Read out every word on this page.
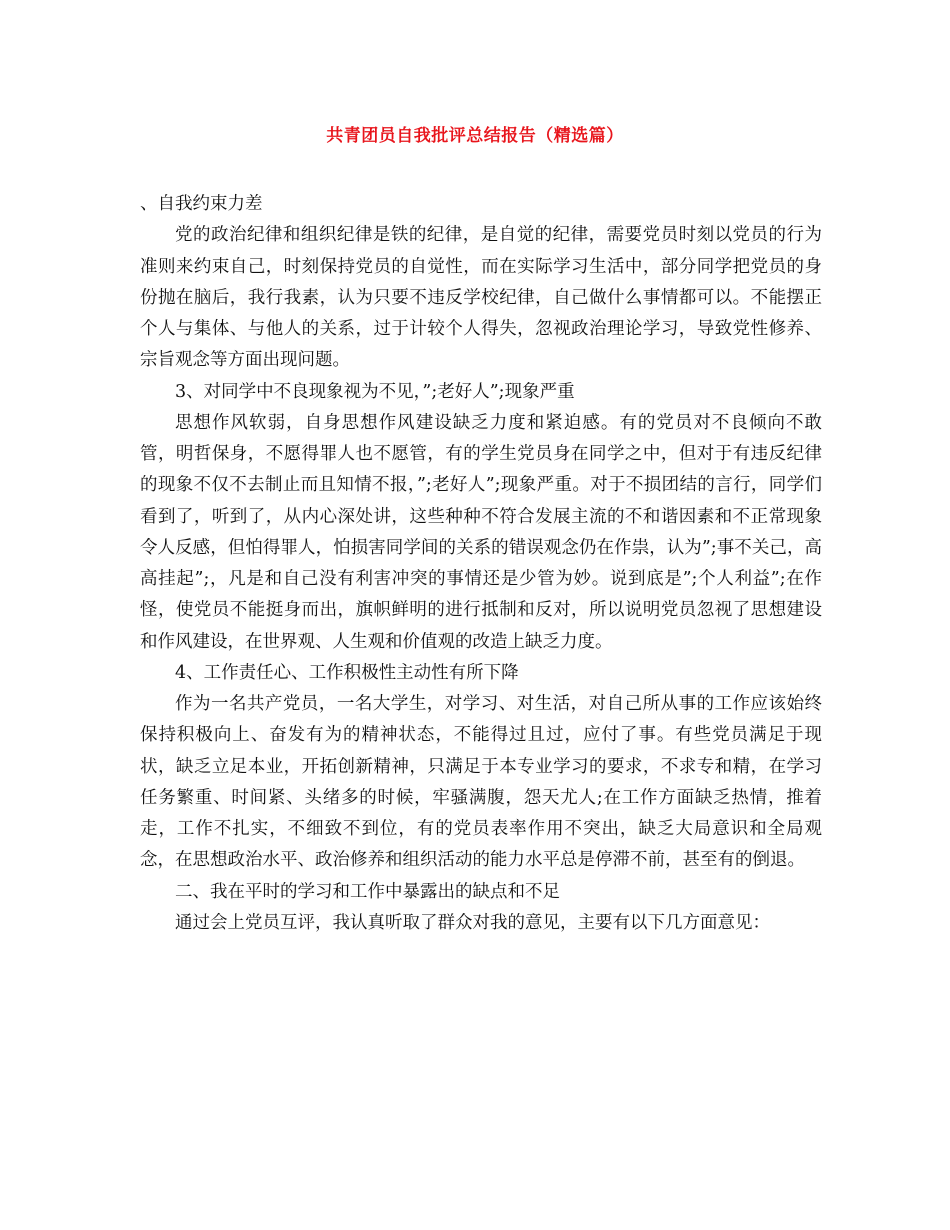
共青团员自我批评总结报告（精选篇）

、自我约束力差

党的政治纪律和组织纪律是铁的纪律，是自觉的纪律，需要党员时刻以党员的行为准则来约束自己，时刻保持党员的自觉性，而在实际学习生活中，部分同学把党员的身份抛在脑后，我行我素，认为只要不违反学校纪律，自己做什么事情都可以。不能摆正个人与集体、与他人的关系，过于计较个人得失，忽视政治理论学习，导致党性修养、宗旨观念等方面出现问题。

3、对同学中不良现象视为不见，”;老好人”;现象严重

思想作风软弱，自身思想作风建设缺乏力度和紧迫感。有的党员对不良倾向不敢管，明哲保身，不愿得罪人也不愿管，有的学生党员身在同学之中，但对于有违反纪律的现象不仅不去制止而且知情不报，”;老好人”;现象严重。对于不损团结的言行，同学们看到了，听到了，从内心深处讲，这些种种不符合发展主流的不和谐因素和不正常现象令人反感，但怕得罪人，怕损害同学间的关系的错误观念仍在作祟，认为”;事不关己，高高挂起”;，凡是和自己没有利害冲突的事情还是少管为妙。说到底是”;个人利益”;在作怪，使党员不能挺身而出，旗帜鲜明的进行抵制和反对，所以说明党员忽视了思想建设和作风建设，在世界观、人生观和价值观的改造上缺乏力度。

4、工作责任心、工作积极性主动性有所下降

作为一名共产党员，一名大学生，对学习、对生活，对自己所从事的工作应该始终保持积极向上、奋发有为的精神状态，不能得过且过，应付了事。有些党员满足于现状，缺乏立足本业，开拓创新精神，只满足于本专业学习的要求，不求专和精，在学习任务繁重、时间紧、头绪多的时候，牢骚满腹，怨天尤人;在工作方面缺乏热情，推着走，工作不扎实，不细致不到位，有的党员表率作用不突出，缺乏大局意识和全局观念，在思想政治水平、政治修养和组织活动的能力水平总是停滞不前，甚至有的倒退。

二、我在平时的学习和工作中暴露出的缺点和不足

通过会上党员互评，我认真听取了群众对我的意见，主要有以下几方面意见：
